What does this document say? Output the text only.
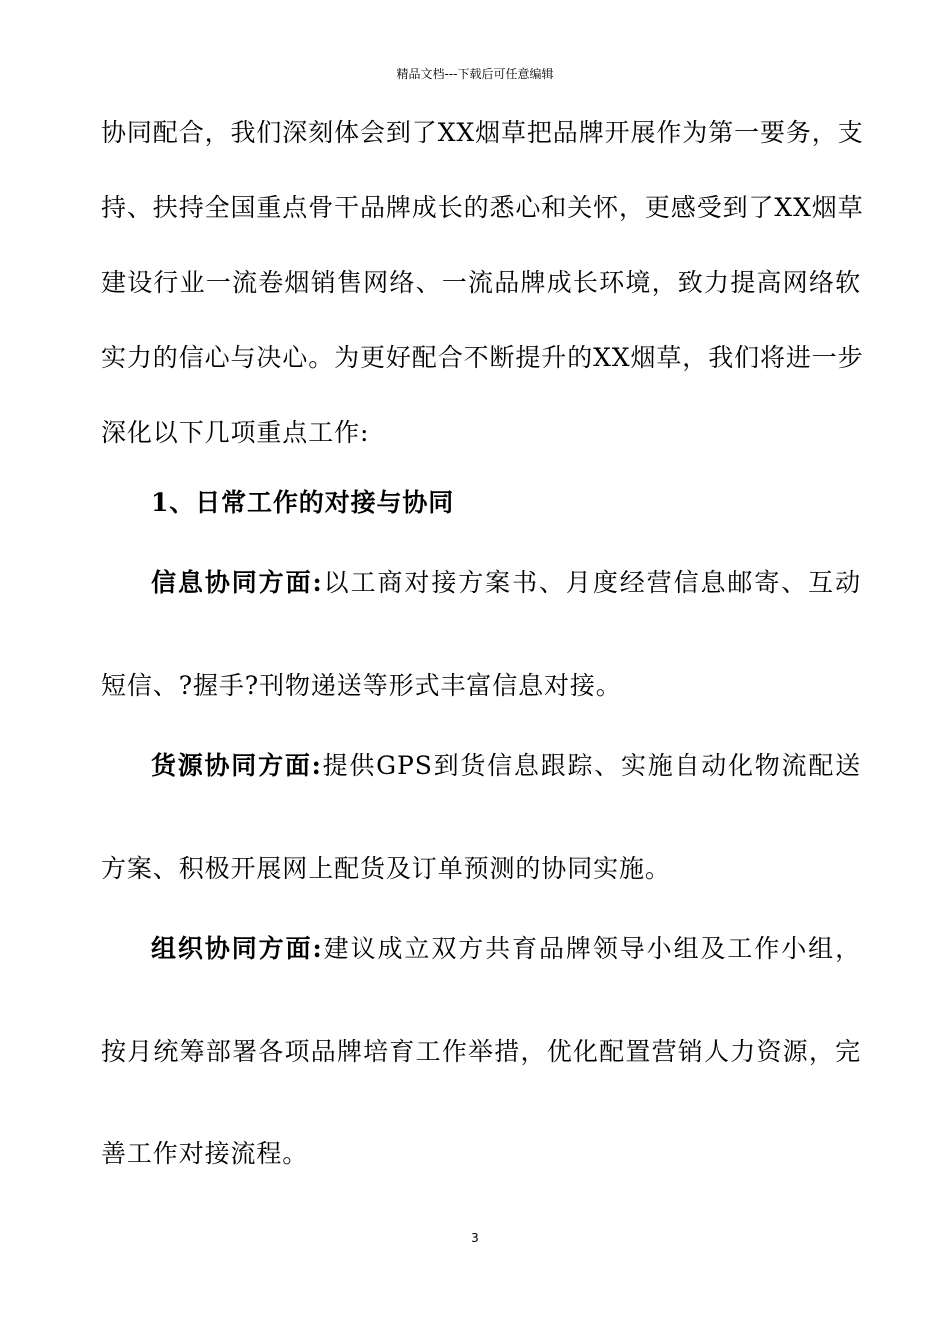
精品文档---下载后可任意编辑
协同配合，我们深刻体会到了XX烟草把品牌开展作为第一要务，支
持、扶持全国重点骨干品牌成长的悉心和关怀，更感受到了XX烟草
建设行业一流卷烟销售网络、一流品牌成长环境，致力提高网络软
实力的信心与决心。为更好配合不断提升的XX烟草，我们将进一步
深化以下几项重点工作:
1、日常工作的对接与协同
信息协同方面:以工商对接方案书、月度经营信息邮寄、互动
短信、?握手?刊物递送等形式丰富信息对接。
货源协同方面:提供GPS到货信息跟踪、实施自动化物流配送
方案、积极开展网上配货及订单预测的协同实施。
组织协同方面:建议成立双方共育品牌领导小组及工作小组，
按月统筹部署各项品牌培育工作举措，优化配置营销人力资源，完
善工作对接流程。
3
